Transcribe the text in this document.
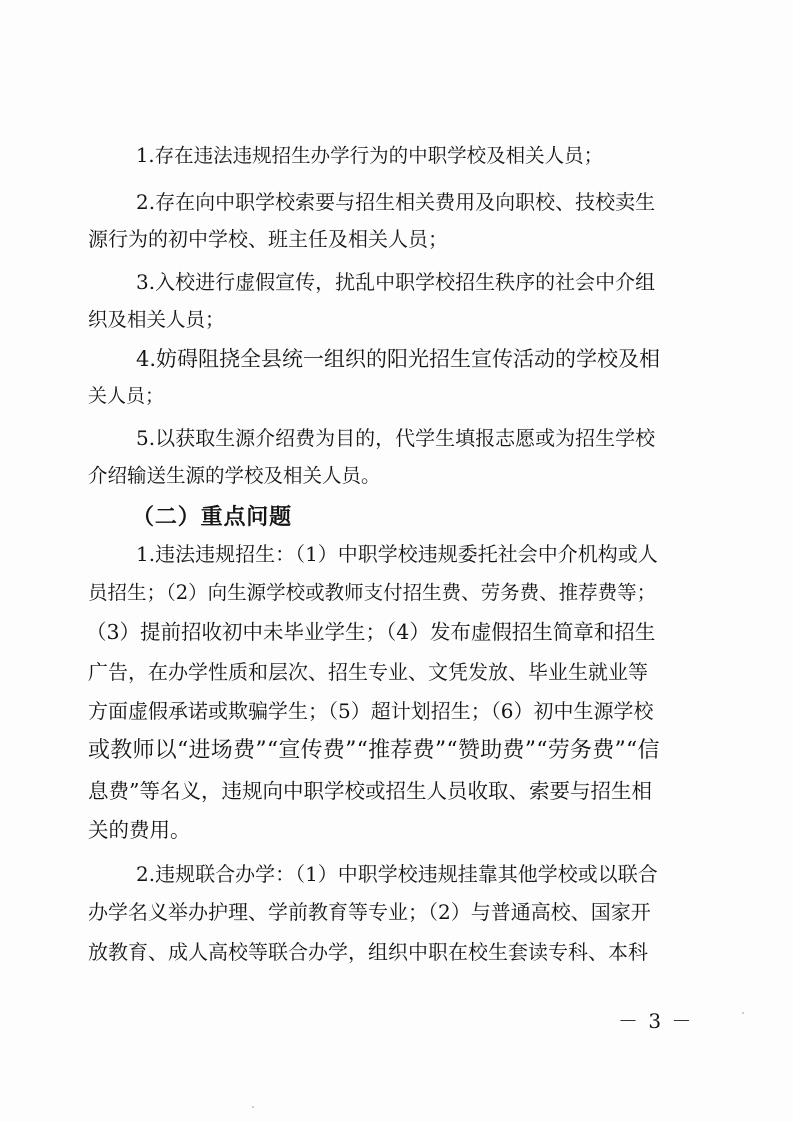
1.存在违法违规招生办学行为的中职学校及相关人员；
2.存在向中职学校索要与招生相关费用及向职校、技校卖生
源行为的初中学校、班主任及相关人员；
3.入校进行虚假宣传，扰乱中职学校招生秩序的社会中介组
织及相关人员；
4.妨碍阻挠全县统一组织的阳光招生宣传活动的学校及相
关人员；
5.以获取生源介绍费为目的，代学生填报志愿或为招生学校
介绍输送生源的学校及相关人员。
（二）重点问题
1.违法违规招生：（1）中职学校违规委托社会中介机构或人
员招生；（2）向生源学校或教师支付招生费、劳务费、推荐费等；
（3）提前招收初中未毕业学生；（4）发布虚假招生简章和招生
广告，在办学性质和层次、招生专业、文凭发放、毕业生就业等
方面虚假承诺或欺骗学生；（5）超计划招生；（6）初中生源学校
或教师以“进场费”“宣传费”“推荐费”“赞助费”“劳务费”“信
息费”等名义，违规向中职学校或招生人员收取、索要与招生相
关的费用。
2.违规联合办学：（1）中职学校违规挂靠其他学校或以联合
办学名义举办护理、学前教育等专业；（2）与普通高校、国家开
放教育、成人高校等联合办学，组织中职在校生套读专科、本科
－ 3 －
